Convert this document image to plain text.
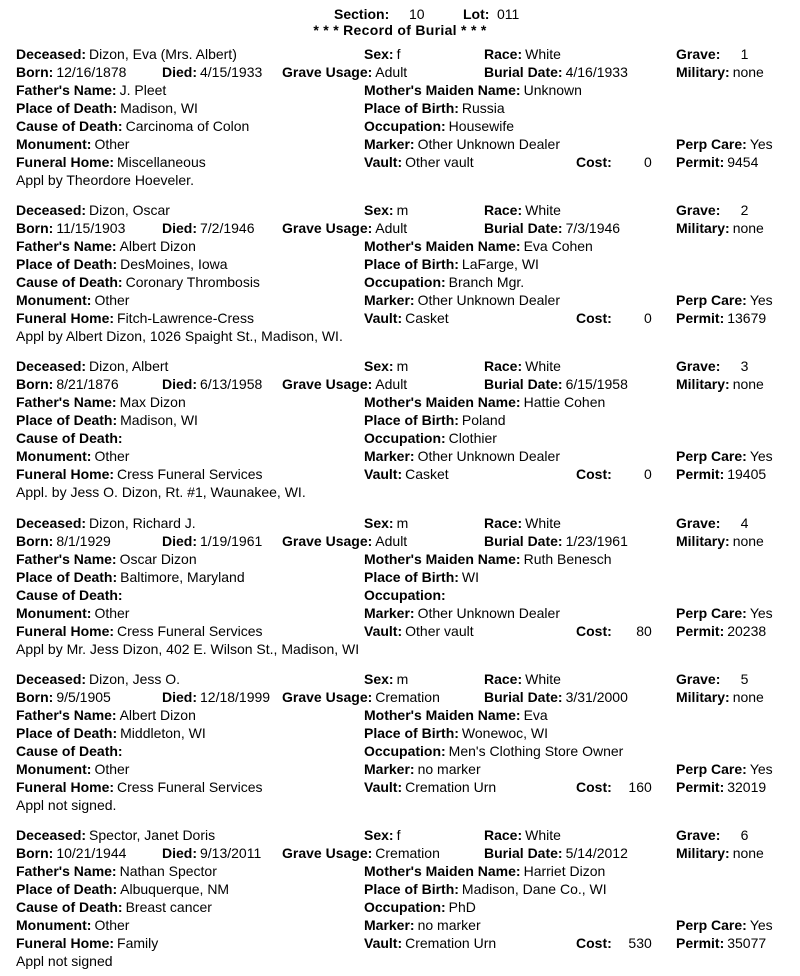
Section: 10	Lot: 011
* * * Record of Burial * * *
Deceased: Dizon, Eva (Mrs. Albert)	Sex: f	Race: White	Grave: 1
Born: 12/16/1878	Died: 4/15/1933 Grave Usage: Adult	Burial Date: 4/16/1933	Military: none
Father's Name: J. Pleet	Mother's Maiden Name: Unknown
Place of Death: Madison, WI	Place of Birth: Russia
Cause of Death: Carcinoma of Colon	Occupation: Housewife
Monument: Other	Marker: Other Unknown Dealer	Perp Care: Yes
Funeral Home: Miscellaneous	Vault: Other vault	Cost: 0 Permit: 9454
Appl by Theordore Hoeveler.
Deceased: Dizon, Oscar	Sex: m	Race: White	Grave: 2
Born: 11/15/1903	Died: 7/2/1946 Grave Usage: Adult	Burial Date: 7/3/1946	Military: none
Father's Name: Albert Dizon	Mother's Maiden Name: Eva Cohen
Place of Death: DesMoines, Iowa	Place of Birth: LaFarge, WI
Cause of Death: Coronary Thrombosis	Occupation: Branch Mgr.
Monument: Other	Marker: Other Unknown Dealer	Perp Care: Yes
Funeral Home: Fitch-Lawrence-Cress	Vault: Casket	Cost: 0 Permit: 13679
Appl by Albert Dizon, 1026 Spaight St., Madison, WI.
Deceased: Dizon, Albert	Sex: m	Race: White	Grave: 3
Born: 8/21/1876	Died: 6/13/1958 Grave Usage: Adult	Burial Date: 6/15/1958	Military: none
Father's Name: Max Dizon	Mother's Maiden Name: Hattie Cohen
Place of Death: Madison, WI	Place of Birth: Poland
Cause of Death:	Occupation: Clothier
Monument: Other	Marker: Other Unknown Dealer	Perp Care: Yes
Funeral Home: Cress Funeral Services	Vault: Casket	Cost: 0 Permit: 19405
Appl. by Jess O. Dizon, Rt. #1, Waunakee, WI.
Deceased: Dizon, Richard J.	Sex: m	Race: White	Grave: 4
Born: 8/1/1929	Died: 1/19/1961 Grave Usage: Adult	Burial Date: 1/23/1961	Military: none
Father's Name: Oscar Dizon	Mother's Maiden Name: Ruth Benesch
Place of Death: Baltimore, Maryland	Place of Birth: WI
Cause of Death:	Occupation:
Monument: Other	Marker: Other Unknown Dealer	Perp Care: Yes
Funeral Home: Cress Funeral Services	Vault: Other vault	Cost: 80 Permit: 20238
Appl by Mr. Jess Dizon, 402 E. Wilson St., Madison, WI
Deceased: Dizon, Jess O.	Sex: m	Race: White	Grave: 5
Born: 9/5/1905	Died: 12/18/1999 Grave Usage: Cremation	Burial Date: 3/31/2000	Military: none
Father's Name: Albert Dizon	Mother's Maiden Name: Eva
Place of Death: Middleton, WI	Place of Birth: Wonewoc, WI
Cause of Death:	Occupation: Men's Clothing Store Owner
Monument: Other	Marker: no marker	Perp Care: Yes
Funeral Home: Cress Funeral Services	Vault: Cremation Urn	Cost: 160 Permit: 32019
Appl not signed.
Deceased: Spector, Janet Doris	Sex: f	Race: White	Grave: 6
Born: 10/21/1944	Died: 9/13/2011 Grave Usage: Cremation	Burial Date: 5/14/2012	Military: none
Father's Name: Nathan Spector	Mother's Maiden Name: Harriet Dizon
Place of Death: Albuquerque, NM	Place of Birth: Madison, Dane Co., WI
Cause of Death: Breast cancer	Occupation: PhD
Monument: Other	Marker: no marker	Perp Care: Yes
Funeral Home: Family	Vault: Cremation Urn	Cost: 530 Permit: 35077
Appl not signed
